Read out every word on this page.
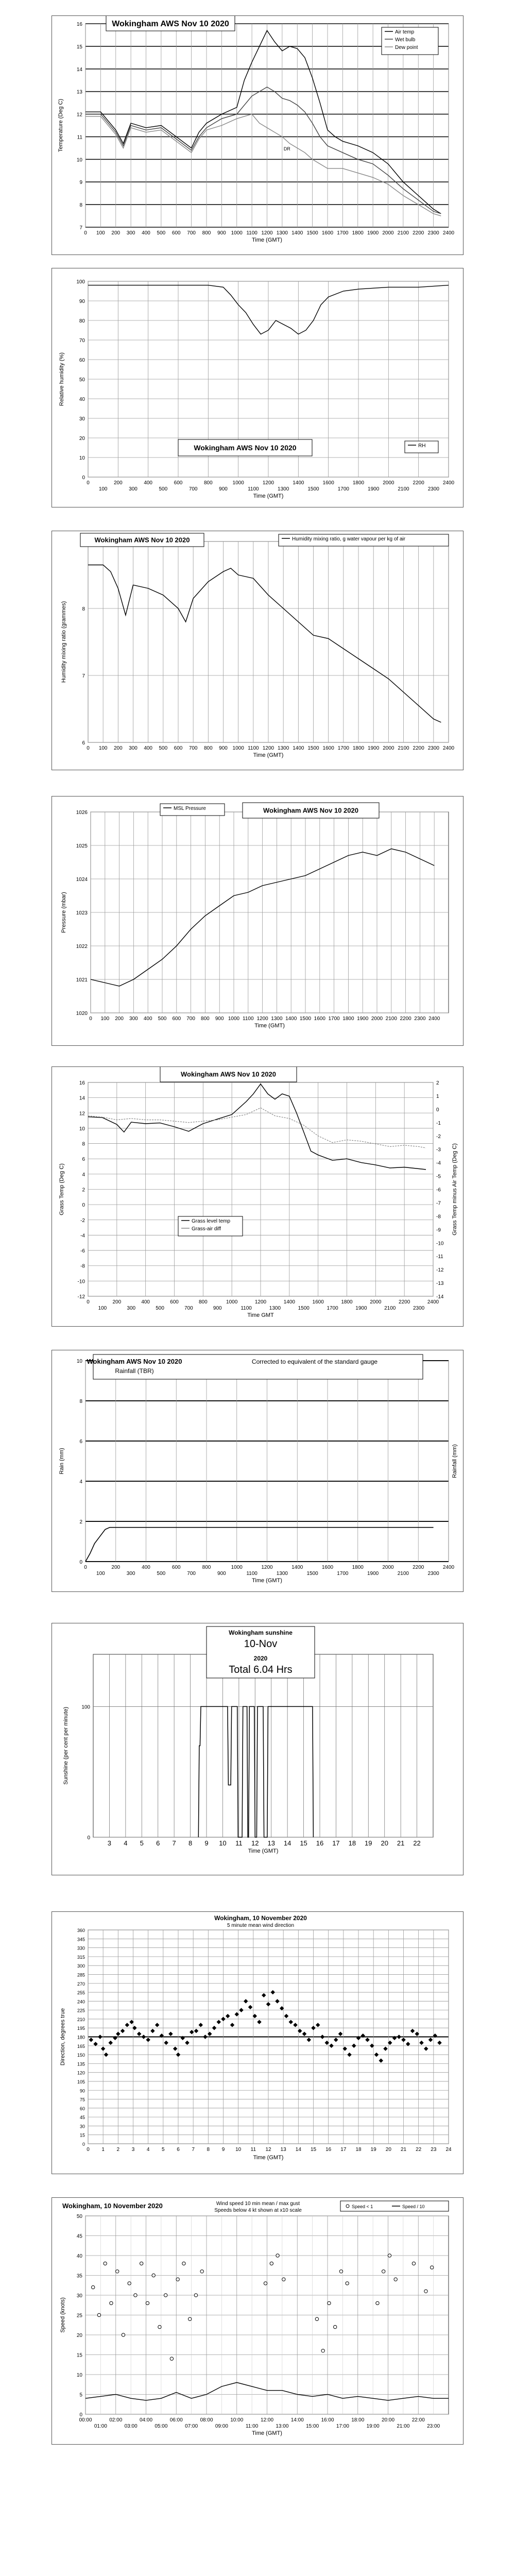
7
8
9
10
11
12
13
14
15
16
0 100 200 300 400 500 600 700 800 900 1000 1100 1200 1300 1400 1500 1600 1700 1800 1900 2000 2100 2200 2300 2400
Time (GMT)
Temperature (Deg C)
Wokingham AWS Nov 10 2020
Air temp
Wet bulb
Dew point
DR
0
10
20
30
40
50
60
70
80
90
100
0	200	400	600	800	1000	1200	1400	1600	1800	2000	2200	2400
100	300	500	700	900	1100	1300	1500	1700	1900	2100	2300
Time (GMT)
Relative humidity (%)
Wokingham AWS Nov 10 2020	RH
6
7
8
0 100 200 300 400 500 600 700 800 900 1000 1100 1200 1300 1400 1500 1600 1700 1800 1900 2000 2100 2200 2300 2400
Time (GMT)
Humidity mixing ratio (grammes)
Wokingham AWS Nov 10 2020	Humidity mixing ratio, g water vapour per kg of air
1020
1021
1022
1023
1024
1025
1026
0 100 200 300 400 500 600 700 800 900 1000 1100 1200 1300 1400 1500 1600 1700 1800 1900 2000 2100 2200 2300 2400
Time (GMT)
Pressure (mbar)
MSL Pressure	Wokingham AWS Nov 10 2020
16
14
12
10
8
6
4
2
0
-2
-4
-6
-8
-10
-12
2
1
0
-1
-2
-3
-4
-5
-6
-7
-8
-9
-10
-11
-12
-13
-14
0	200	400	600	800	1000	1200	1400	1600	1800	2000	2200	2400
100	300	500	700	900	1100	1300	1500	1700	1900	2100	2300
Time GMT
Grass Temp (Deg C)	Grass Temp minus Air Temp (Deg C)
Wokingham AWS Nov 10 2020
Grass level temp
Grass-air diff
0
2
4
6
8
10
0	200	400	600	800	1000	1200	1400	1600	1800	2000	2200	2400
100	300	500	700	900	1100	1300	1500	1700	1900	2100	2300
Time (GMT)
Rain (mm)	Rainfall (mm)
Wokingham AWS Nov 10 2020
Rainfall (TBR)
Corrected to equivalent of the standard gauge
3 4 5 6 7 8 9 10 11 12 13 14 15 16 17 18 19 20 21 22
0
100
Time (GMT)
Sunshine (per cent per minute)
Wokingham sunshine
10-Nov
2020
Total 6.04 Hrs
0
15
30
45
60
75
90
105
120
135
150
165
180
195
210
225
240
255
270
285
300
315
330
345
360
0 1 2 3 4 5 6 7 8 9 10 11 12 13 14 15 16 17 18 19 20 21 22 23 24
Time (GMT)
Direction, degrees true
Wokingham, 10 November 2020
5 minute mean wind direction
0
5
10
15
20
25
30
35
40
45
50
00:00	02:00	04:00	06:00	08:00	10:00	12:00	14:00	16:00	18:00	20:00	22:00
01:00	03:00	05:00	07:00	09:00	11:00	13:00	15:00	17:00	19:00	21:00	23:00
Time (GMT)
Speed (knots)
Wokingham, 10 November 2020	Wind speed 10 min mean / max gust
Speeds below 4 kt shown at x10 scale
Speed < 1	Speed / 10
